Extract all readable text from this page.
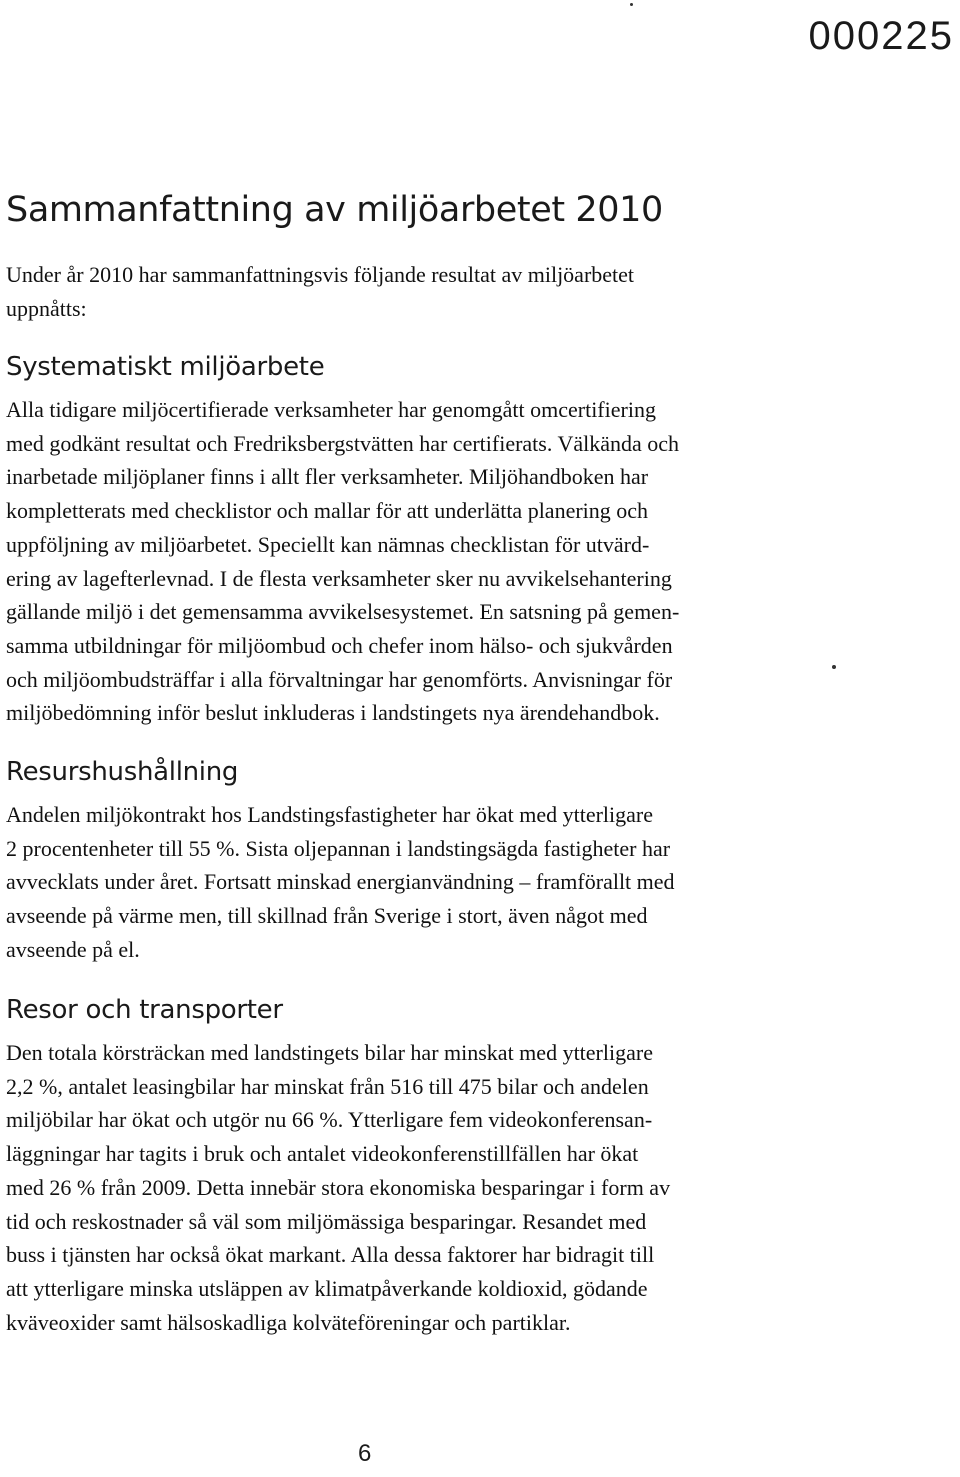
000225
Sammanfattning av miljöarbetet 2010

Under år 2010 har sammanfattningsvis följande resultat av miljöarbetet
uppnåtts:

Systematiskt miljöarbete

Alla tidigare miljöcertifierade verksamheter har genomgått omcertifiering
med godkänt resultat och Fredriksbergstvätten har certifierats. Välkända och
inarbetade miljöplaner finns i allt fler verksamheter. Miljöhandboken har
kompletterats med checklistor och mallar för att underlätta planering och
uppföljning av miljöarbetet. Speciellt kan nämnas checklistan för utvärd-
ering av lagefterlevnad. I de flesta verksamheter sker nu avvikelsehantering
gällande miljö i det gemensamma avvikelsesystemet. En satsning på gemen-
samma utbildningar för miljöombud och chefer inom hälso- och sjukvården
och miljöombudsträffar i alla förvaltningar har genomförts. Anvisningar för
miljöbedömning inför beslut inkluderas i landstingets nya ärendehandbok.

Resurshushållning

Andelen miljökontrakt hos Landstingsfastigheter har ökat med ytterligare
2 procentenheter till 55 %. Sista oljepannan i landstingsägda fastigheter har
avvecklats under året. Fortsatt minskad energianvändning – framförallt med
avseende på värme men, till skillnad från Sverige i stort, även något med
avseende på el.

Resor och transporter

Den totala körsträckan med landstingets bilar har minskat med ytterligare
2,2 %, antalet leasingbilar har minskat från 516 till 475 bilar och andelen
miljöbilar har ökat och utgör nu 66 %. Ytterligare fem videokonferensan-
läggningar har tagits i bruk och antalet videokonferenstillfällen har ökat
med 26 % från 2009. Detta innebär stora ekonomiska besparingar i form av
tid och reskostnader så väl som miljömässiga besparingar. Resandet med
buss i tjänsten har också ökat markant. Alla dessa faktorer har bidragit till
att ytterligare minska utsläppen av klimatpåverkande koldioxid, gödande
kväveoxider samt hälsoskadliga kolväteföreningar och partiklar.

6
